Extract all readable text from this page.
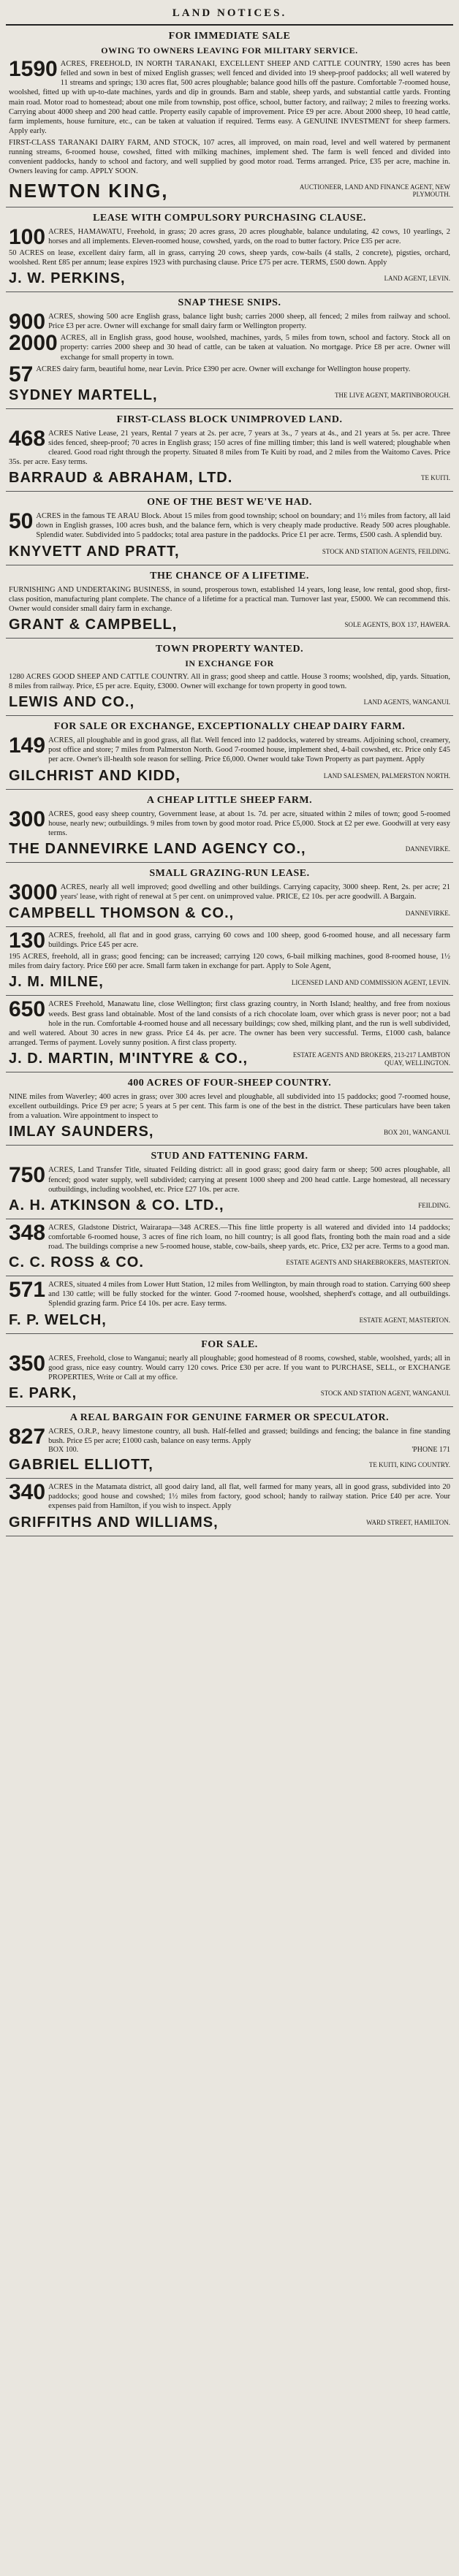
LAND NOTICES.
FOR IMMEDIATE SALE
OWING TO OWNERS LEAVING FOR MILITARY SERVICE.
1590 ACRES, FREEHOLD, IN NORTH TARANAKI, EXCELLENT SHEEP AND CATTLE COUNTRY, 1590 acres has been felled and sown in best of mixed English grasses; well fenced and divided into 19 sheep-proof paddocks; all well watered by 11 streams and springs; 130 acres flat, 500 acres ploughable; balance good hills off the pasture. Comfortable 7-roomed house, woolshed, fitted up with up-to-date machines, yards and dip in grounds. Barn and stable, sheep yards, and substantial cattle yards. Fronting main road. Motor road to homestead; about one mile from township, post office, school, butter factory, and railway; 2 miles to freezing works. Carrying about 4000 sheep and 200 head cattle. Property easily capable of improvement. Price £9 per acre. About 2000 sheep, 10 head cattle, farm implements, house furniture, etc., can be taken at valuation if required. Terms easy. A GENUINE INVESTMENT for sheep farmers. Apply early.
FIRST-CLASS TARANAKI DAIRY FARM, AND STOCK, 107 acres, all improved, on main road, level and well watered by permanent running streams, 6-roomed house, cowshed, fitted with milking machines, implement shed. The farm is well fenced and divided into convenient paddocks, handy to school and factory, and well supplied by good motor road. Terms arranged. Price, £35 per acre, machine in. Owners leaving for camp. APPLY SOON.
NEWTON KING,	AUCTIONEER, LAND AND FINANCE AGENT, NEW PLYMOUTH.
LEASE WITH COMPULSORY PURCHASING CLAUSE.
100 ACRES, HAMAWATU, Freehold, in grass; 20 acres grass, 20 acres ploughable, balance undulating, 42 cows, 10 yearlings, 2 horses and all implements. Eleven-roomed house, cowshed, yards, on the road to butter factory. Price £35 per acre.
50 ACRES on lease, excellent dairy farm, all in grass, carrying 20 cows, sheep yards, cow-bails (4 stalls, 2 concrete), pigsties, orchard, woolshed. Rent £85 per annum; lease expires 1923 with purchasing clause. Price £75 per acre. TERMS, £500 down. Apply
J. W. PERKINS,	LAND AGENT, LEVIN.
SNAP THESE SNIPS.
900 ACRES, showing 500 acre English grass, balance light bush; carries 2000 sheep, all fenced; 2 miles from railway and school. Price £3 per acre. Owner will exchange for small dairy farm or Wellington property.
2000 ACRES, all in English grass, good house, woolshed, machines, yards, 5 miles from town, school and factory. Stock all on property: carries 2000 sheep and 30 head of cattle, can be taken at valuation. No mortgage. Price £8 per acre. Owner will exchange for small property in town.
57 ACRES dairy farm, beautiful home, near Levin. Price £390 per acre. Owner will exchange for Wellington house property.
SYDNEY MARTELL,	THE LIVE AGENT, MARTINBOROUGH.
FIRST-CLASS BLOCK UNIMPROVED LAND.
468 ACRES Native Lease, 21 years, Rental 7 years at 2s. per acre, 7 years at 3s., 7 years at 4s., and 21 years at 5s. per acre. Three sides fenced, sheep-proof; 70 acres in English grass; 150 acres of fine milling timber; this land is well watered; ploughable when cleared. Good road right through the property. Situated 8 miles from Te Kuiti by road, and 2 miles from the Waitomo Caves. Price 35s. per acre. Easy terms.
BARRAUD & ABRAHAM, LTD.	TE KUITI.
ONE OF THE BEST WE'VE HAD.
50 ACRES in the famous TE ARAU Block. About 15 miles from good township; school on boundary; and 1½ miles from factory, all laid down in English grasses, 100 acres bush, and the balance fern, which is very cheaply made productive. Ready 500 acres ploughable. Splendid water. Subdivided into 5 paddocks; total area pasture in the paddocks. Price £1 per acre. Terms, £500 cash. A splendid buy.
KNYVETT AND PRATT,	STOCK AND STATION AGENTS, FEILDING.
THE CHANCE OF A LIFETIME.
FURNISHING AND UNDERTAKING BUSINESS, in sound, prosperous town, established 14 years, long lease, low rental, good shop, first-class position, manufacturing plant complete. The chance of a lifetime for a practical man. Turnover last year, £5000. We can recommend this. Owner would consider small dairy farm in exchange.
GRANT & CAMPBELL,	SOLE AGENTS, BOX 137, HAWERA.
TOWN PROPERTY WANTED.
IN EXCHANGE FOR
1280 ACRES GOOD SHEEP AND CATTLE COUNTRY. All in grass; good sheep and cattle. House 3 rooms; woolshed, dip, yards. Situation, 8 miles from railway. Price, £5 per acre. Equity, £3000. Owner will exchange for town property in good town.
LEWIS AND CO.,	LAND AGENTS, WANGANUI.
FOR SALE OR EXCHANGE, EXCEPTIONALLY CHEAP DAIRY FARM.
149 ACRES, all ploughable and in good grass, all flat. Well fenced into 12 paddocks, watered by streams. Adjoining school, creamery, post office and store; 7 miles from Palmerston North. Good 7-roomed house, implement shed, 4-bail cowshed, etc. Price only £45 per acre. Owner's ill-health sole reason for selling. Price £6,000. Owner would take Town Property as part payment. Apply
GILCHRIST AND KIDD,	LAND SALESMEN, PALMERSTON NORTH.
A CHEAP LITTLE SHEEP FARM.
300 ACRES, good easy sheep country, Government lease, at about 1s. 7d. per acre, situated within 2 miles of town; good 5-roomed house, nearly new; outbuildings. 9 miles from town by good motor road. Price £5,000. Stock at £2 per ewe. Goodwill at very easy terms.
THE DANNEVIRKE LAND AGENCY CO.,	DANNEVIRKE.
SMALL GRAZING-RUN LEASE.
3000 ACRES, nearly all well improved; good dwelling and other buildings. Carrying capacity, 3000 sheep. Rent, 2s. per acre; 21 years' lease, with right of renewal at 5 per cent. on unimproved value. PRICE, £2 10s. per acre goodwill. A Bargain.
CAMPBELL THOMSON & CO.,	DANNEVIRKE.
130 ACRES, freehold, all flat and in good grass, carrying 60 cows and 100 sheep, good 6-roomed house, and all necessary farm buildings. Price £45 per acre.
195 ACRES, freehold, all in grass; good fencing; can be increased; carrying 120 cows, 6-bail milking machines, good 8-roomed house, 1½ miles from dairy factory. Price £60 per acre. Small farm taken in exchange for part. Apply to Sole Agent,
J. M. MILNE,	LICENSED LAND AND COMMISSION AGENT, LEVIN.
650 ACRES Freehold, Manawatu line, close Wellington; first class grazing country, in North Island; healthy, and free from noxious weeds. Best grass land obtainable. Most of the land consists of a rich chocolate loam, over which grass is never poor; not a bad hole in the run. Comfortable 4-roomed house and all necessary buildings; cow shed, milking plant, and the run is well subdivided, and well watered. About 30 acres in new grass. Price £4 4s. per acre. The owner has been very successful. Terms, £1000 cash, balance arranged. Terms of payment. Lovely sunny position. A first class property.
J. D. MARTIN, M'INTYRE & CO.,	ESTATE AGENTS AND BROKERS, 213-217 LAMBTON QUAY, WELLINGTON.
400 ACRES OF FOUR-SHEEP COUNTRY.
NINE miles from Waverley; 400 acres in grass; over 300 acres level and ploughable, all subdivided into 15 paddocks; good 7-roomed house, excellent outbuildings. Price £9 per acre; 5 years at 5 per cent. This farm is one of the best in the district. These particulars have been taken from a valuation. Wire appointment to inspect to
IMLAY SAUNDERS,	BOX 201, WANGANUI.
STUD AND FATTENING FARM.
750 ACRES, Land Transfer Title, situated Feilding district: all in good grass; good dairy farm or sheep; 500 acres ploughable, all fenced; good water supply, well subdivided; carrying at present 1000 sheep and 200 head cattle. Large homestead, all necessary outbuildings, including woolshed, etc. Price £27 10s. per acre.
A. H. ATKINSON & CO. LTD.,	FEILDING.
348 ACRES, Gladstone District, Wairarapa—348 ACRES.—This fine little property is all watered and divided into 14 paddocks; comfortable 6-roomed house, 3 acres of fine rich loam, no hill country; is all good flats, fronting both the main road and a side road. The buildings comprise a new 5-roomed house, stable, cow-bails, sheep yards, etc. Price, £32 per acre. Terms to a good man.
C. C. ROSS & CO.	ESTATE AGENTS AND SHAREBROKERS, MASTERTON.
571 ACRES, situated 4 miles from Lower Hutt Station, 12 miles from Wellington, by main through road to station. Carrying 600 sheep and 130 cattle; will be fully stocked for the winter. Good 7-roomed house, woolshed, shepherd's cottage, and all outbuildings. Splendid grazing farm. Price £4 10s. per acre. Easy terms.
F. P. WELCH,	ESTATE AGENT, MASTERTON.
FOR SALE.
350 ACRES, Freehold, close to Wanganui; nearly all ploughable; good homestead of 8 rooms, cowshed, stable, woolshed, yards; all in good grass, nice easy country. Would carry 120 cows. Price £30 per acre. If you want to PURCHASE, SELL, or EXCHANGE PROPERTIES, Write or Call at my office.
E. PARK,	STOCK AND STATION AGENT, WANGANUI.
A REAL BARGAIN FOR GENUINE FARMER OR SPECULATOR.
827 ACRES, O.R.P., heavy limestone country, all bush. Half-felled and grassed; buildings and fencing; the balance in fine standing bush. Price £5 per acre; £1000 cash, balance on easy terms. Apply
BOX 100.	'PHONE 171
GABRIEL ELLIOTT,	TE KUITI, KING COUNTRY.
340 ACRES in the Matamata district, all good dairy land, all flat, well farmed for many years, all in good grass, subdivided into 20 paddocks; good house and cowshed; 1½ miles from factory, good school; handy to railway station. Price £40 per acre. Your expenses paid from Hamilton, if you wish to inspect. Apply
GRIFFITHS AND WILLIAMS,	WARD STREET, HAMILTON.
